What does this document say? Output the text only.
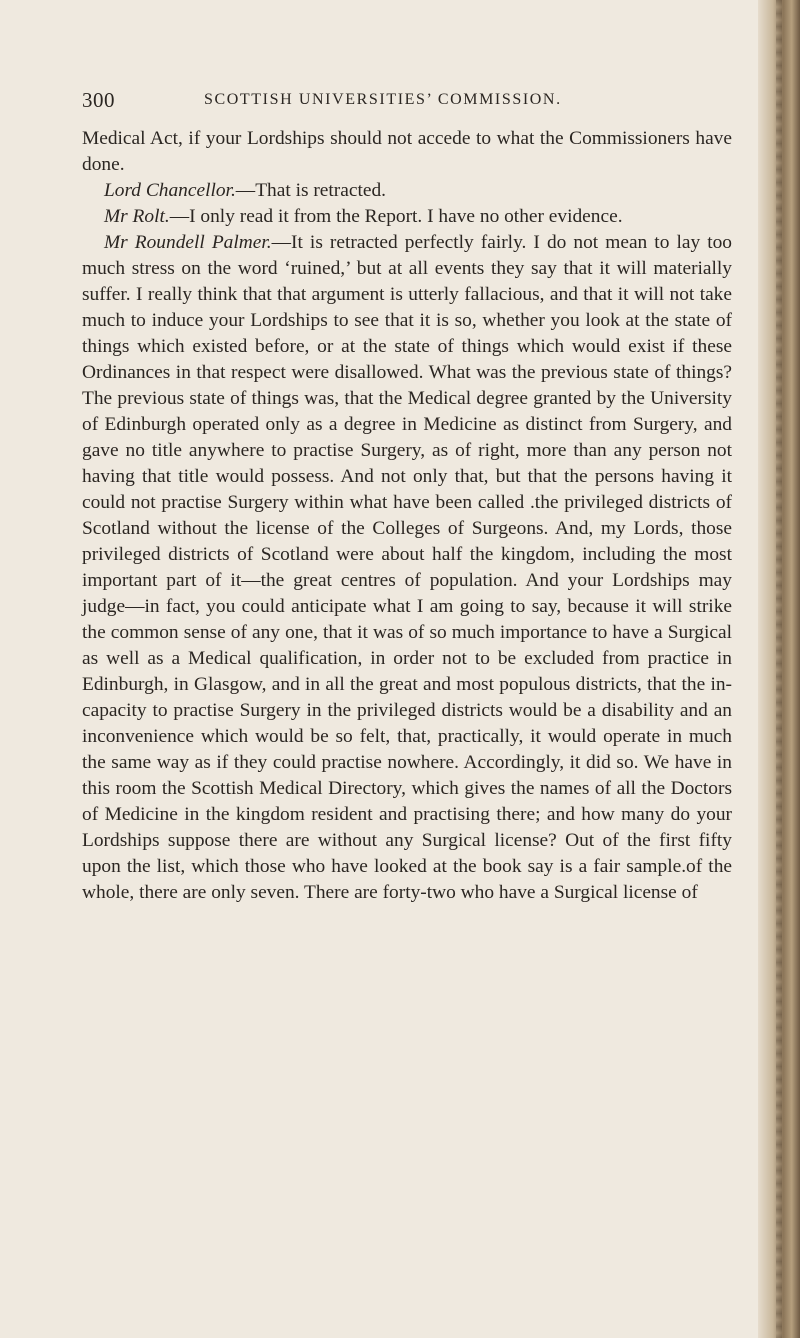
300	SCOTTISH UNIVERSITIES’ COMMISSION.

Medical Act, if your Lordships should not accede to what the Commissioners have done.

Lord Chancellor.—That is retracted.

Mr Rolt.—I only read it from the Report. I have no other evidence.

Mr Roundell Palmer.—It is retracted perfectly fairly. I do not mean to lay too much stress on the word ‘ruined,’ but at all events they say that it will materially suffer. I really think that that argument is utterly fallacious, and that it will not take much to induce your Lordships to see that it is so, whether you look at the state of things which existed before, or at the state of things which would exist if these Ordinances in that respect were disallowed. What was the previous state of things? The previous state of things was, that the Medical degree granted by the University of Edinburgh operated only as a degree in Medicine as distinct from Surgery, and gave no title anywhere to practise Surgery, as of right, more than any person not having that title would possess. And not only that, but that the persons having it could not practise Surgery within what have been called .the privileged districts of Scotland without the license of the Colleges of Surgeons. And, my Lords, those privileged districts of Scotland were about half the kingdom, including the most important part of it—the great centres of population. And your Lordships may judge—in fact, you could anticipate what I am going to say, because it will strike the common sense of any one, that it was of so much importance to have a Surgical as well as a Medical qualification, in order not to be excluded from practice in Edinburgh, in Glasgow, and in all the great and most populous districts, that the incapacity to practise Surgery in the privileged districts would be a disability and an inconvenience which would be so felt, that, practically, it would operate in much the same way as if they could practise nowhere. Accordingly, it did so. We have in this room the Scottish Medical Directory, which gives the names of all the Doctors of Medicine in the kingdom resident and practising there; and how many do your Lordships suppose there are without any Surgical license? Out of the first fifty upon the list, which those who have looked at the book say is a fair sample.of the whole, there are only seven. There are forty-two who have a Surgical license of
